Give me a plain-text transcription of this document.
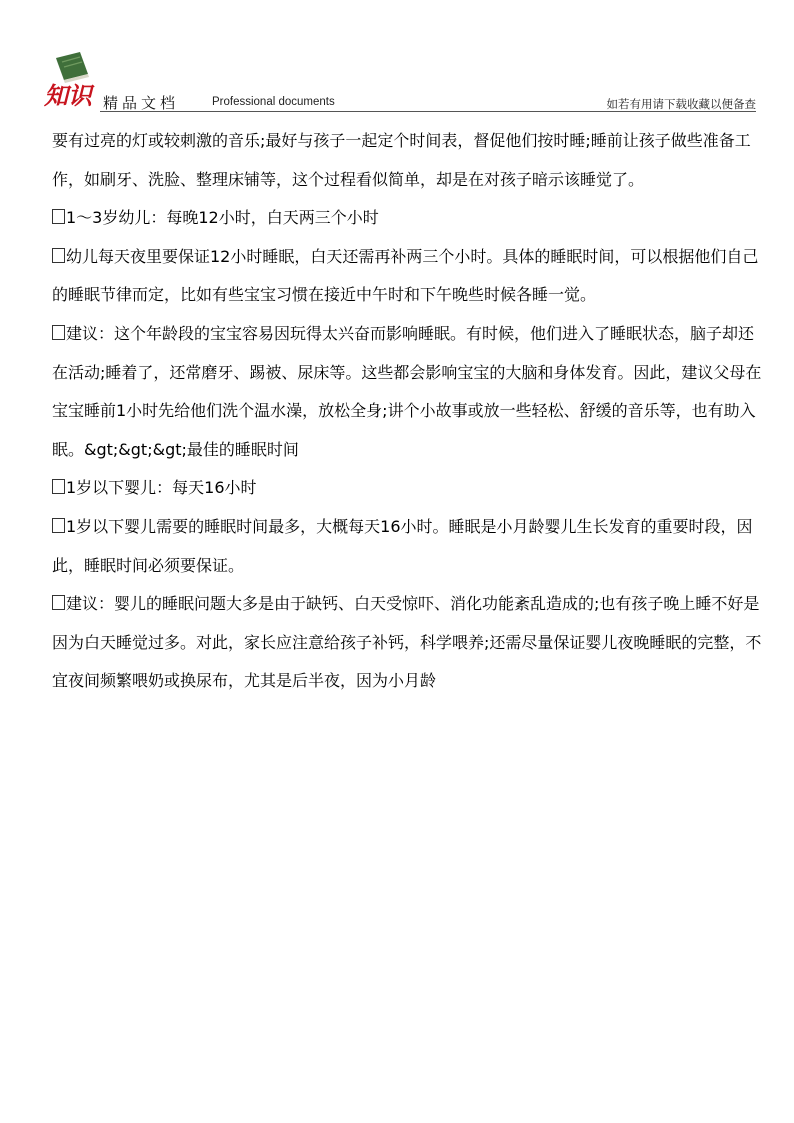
知识 精品文档	Professional documents	如若有用请下载收藏以便备查

要有过亮的灯或较刺激的音乐;最好与孩子一起定个时间表，督促他们按时睡;睡前让孩子做些准备工作，如刷牙、洗脸、整理床铺等，这个过程看似简单，却是在对孩子暗示该睡觉了。

1～3岁幼儿：每晚12小时，白天两三个小时

幼儿每天夜里要保证12小时睡眠，白天还需再补两三个小时。具体的睡眠时间，可以根据他们自己的睡眠节律而定，比如有些宝宝习惯在接近中午时和下午晚些时候各睡一觉。

建议：这个年龄段的宝宝容易因玩得太兴奋而影响睡眠。有时候，他们进入了睡眠状态，脑子却还在活动;睡着了，还常磨牙、踢被、尿床等。这些都会影响宝宝的大脑和身体发育。因此，建议父母在宝宝睡前1小时先给他们洗个温水澡，放松全身;讲个小故事或放一些轻松、舒缓的音乐等，也有助入眠。&gt;&gt;&gt;最佳的睡眠时间

1岁以下婴儿：每天16小时

1岁以下婴儿需要的睡眠时间最多，大概每天16小时。睡眠是小月龄婴儿生长发育的重要时段，因此，睡眠时间必须要保证。

建议：婴儿的睡眠问题大多是由于缺钙、白天受惊吓、消化功能紊乱造成的;也有孩子晚上睡不好是因为白天睡觉过多。对此，家长应注意给孩子补钙，科学喂养;还需尽量保证婴儿夜晚睡眠的完整，不宜夜间频繁喂奶或换尿布，尤其是后半夜，因为小月龄
